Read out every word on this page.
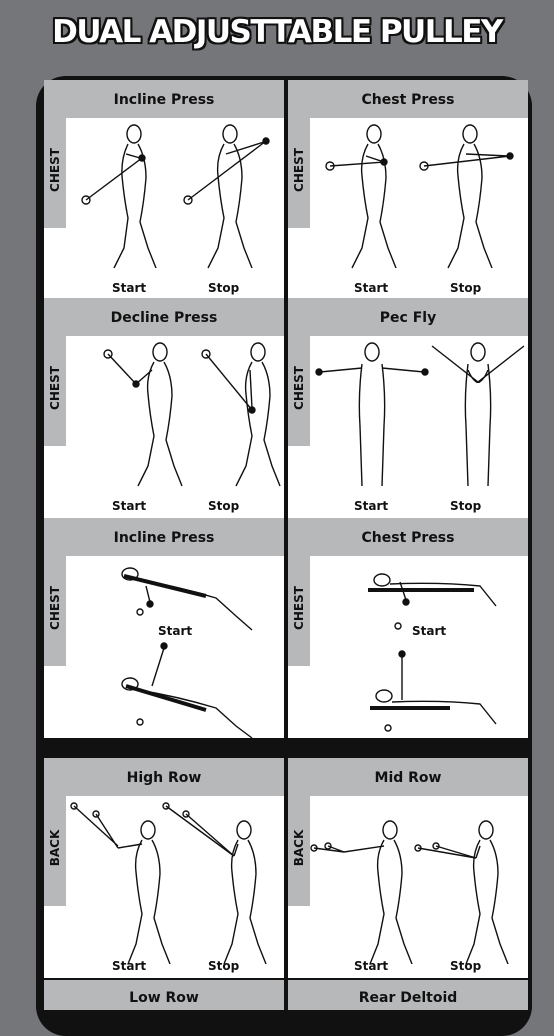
DUAL ADJUSTTABLE PULLEY
Incline Press
CHEST
Start	Stop
Chest Press
CHEST
Start	Stop
Decline Press
CHEST
Start	Stop
Pec Fly
CHEST
Start	Stop
Incline Press
CHEST
Start
Stop
Chest Press
CHEST
Start
Stop
High Row
BACK
Start	Stop
Mid Row
BACK
Start	Stop
Low Row	Rear Deltoid
